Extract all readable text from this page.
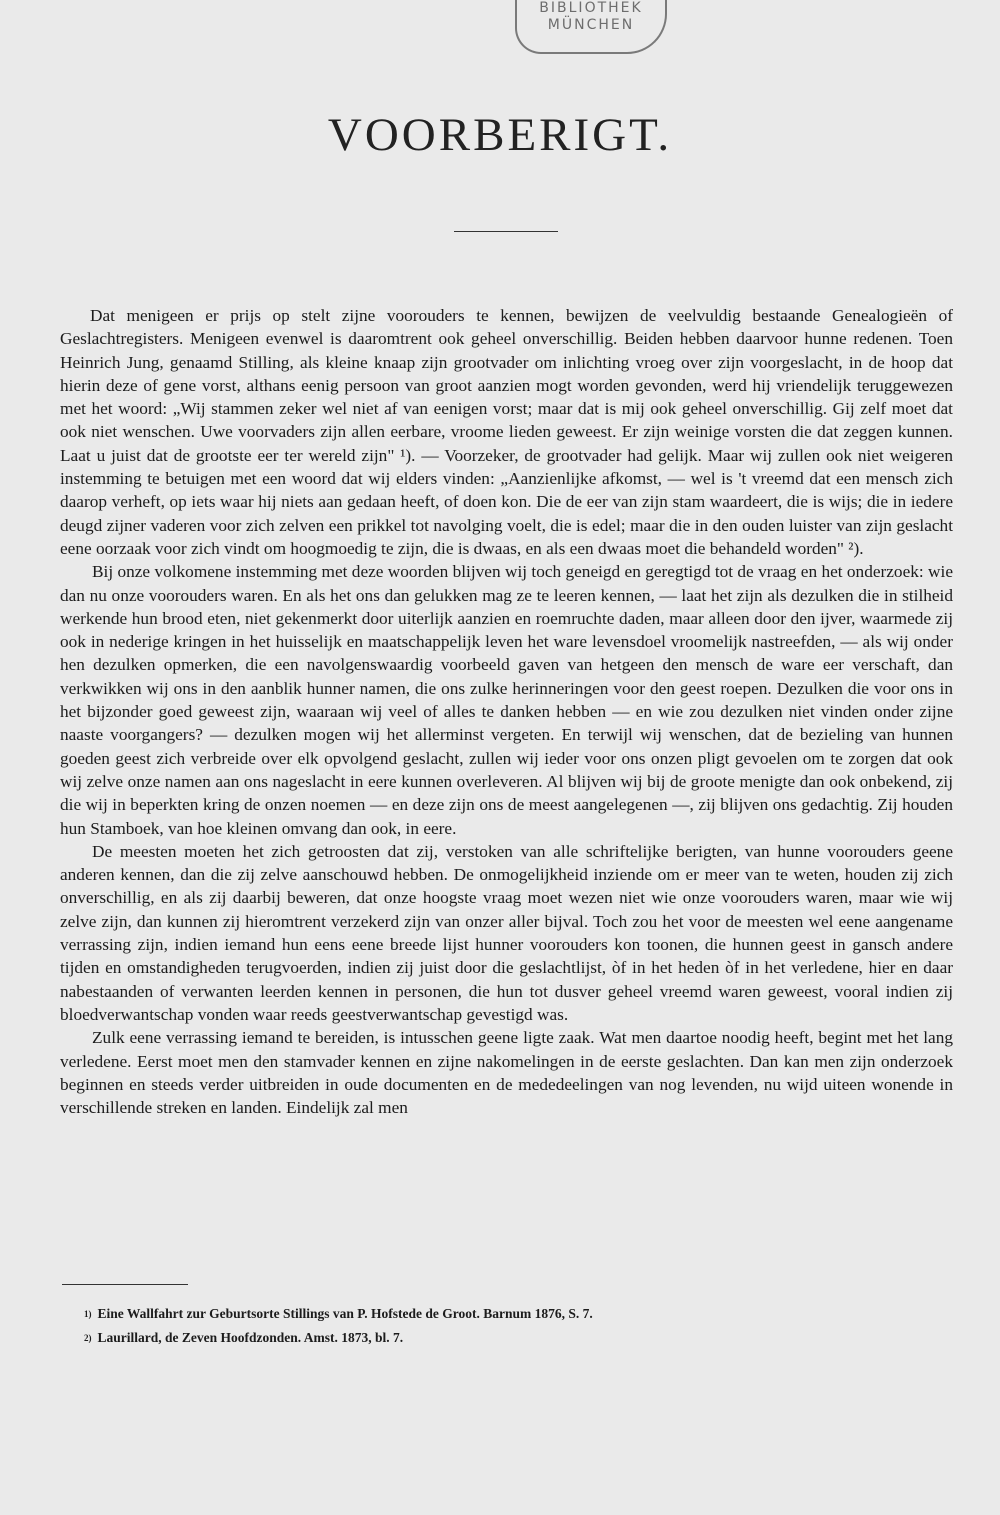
BIBLIOTHEK
MÜNCHEN
VOORBERIGT.

Dat menigeen er prijs op stelt zijne voorouders te kennen, bewijzen de veelvuldig bestaande Genealogieën of Geslachtregisters. Menigeen evenwel is daaromtrent ook geheel onverschillig. Beiden hebben daarvoor hunne redenen. Toen Heinrich Jung, genaamd Stilling, als kleine knaap zijn grootvader om inlichting vroeg over zijn voorgeslacht, in de hoop dat hierin deze of gene vorst, althans eenig persoon van groot aanzien mogt worden gevonden, werd hij vriendelijk teruggewezen met het woord: „Wij stammen zeker wel niet af van eenigen vorst; maar dat is mij ook geheel onverschillig. Gij zelf moet dat ook niet wenschen. Uwe voorvaders zijn allen eerbare, vroome lieden geweest. Er zijn weinige vorsten die dat zeggen kunnen. Laat u juist dat de grootste eer ter wereld zijn" ¹). — Voorzeker, de grootvader had gelijk. Maar wij zullen ook niet weigeren instemming te betuigen met een woord dat wij elders vinden: „Aanzienlijke afkomst, — wel is 't vreemd dat een mensch zich daarop verheft, op iets waar hij niets aan gedaan heeft, of doen kon. Die de eer van zijn stam waardeert, die is wijs; die in iedere deugd zijner vaderen voor zich zelven een prikkel tot navolging voelt, die is edel; maar die in den ouden luister van zijn geslacht eene oorzaak voor zich vindt om hoogmoedig te zijn, die is dwaas, en als een dwaas moet die behandeld worden" ²).

Bij onze volkomene instemming met deze woorden blijven wij toch geneigd en geregtigd tot de vraag en het onderzoek: wie dan nu onze voorouders waren. En als het ons dan gelukken mag ze te leeren kennen, — laat het zijn als dezulken die in stilheid werkende hun brood eten, niet gekenmerkt door uiterlijk aanzien en roemruchte daden, maar alleen door den ijver, waarmede zij ook in nederige kringen in het huisselijk en maatschappelijk leven het ware levensdoel vroomelijk nastreefden, — als wij onder hen dezulken opmerken, die een navolgenswaardig voorbeeld gaven van hetgeen den mensch de ware eer verschaft, dan verkwikken wij ons in den aanblik hunner namen, die ons zulke herinneringen voor den geest roepen. Dezulken die voor ons in het bijzonder goed geweest zijn, waaraan wij veel of alles te danken hebben — en wie zou dezulken niet vinden onder zijne naaste voorgangers? — dezulken mogen wij het allerminst vergeten. En terwijl wij wenschen, dat de bezieling van hunnen goeden geest zich verbreide over elk opvolgend geslacht, zullen wij ieder voor ons onzen pligt gevoelen om te zorgen dat ook wij zelve onze namen aan ons nageslacht in eere kunnen overleveren. Al blijven wij bij de groote menigte dan ook onbekend, zij die wij in beperkten kring de onzen noemen — en deze zijn ons de meest aangelegenen —, zij blijven ons gedachtig. Zij houden hun Stamboek, van hoe kleinen omvang dan ook, in eere.

De meesten moeten het zich getroosten dat zij, verstoken van alle schriftelijke berigten, van hunne voorouders geene anderen kennen, dan die zij zelve aanschouwd hebben. De onmogelijkheid inziende om er meer van te weten, houden zij zich onverschillig, en als zij daarbij beweren, dat onze hoogste vraag moet wezen niet wie onze voorouders waren, maar wie wij zelve zijn, dan kunnen zij hieromtrent verzekerd zijn van onzer aller bijval. Toch zou het voor de meesten wel eene aangename verrassing zijn, indien iemand hun eens eene breede lijst hunner voorouders kon toonen, die hunnen geest in gansch andere tijden en omstandigheden terugvoerden, indien zij juist door die geslachtlijst, òf in het heden òf in het verledene, hier en daar nabestaanden of verwanten leerden kennen in personen, die hun tot dusver geheel vreemd waren geweest, vooral indien zij bloedverwantschap vonden waar reeds geestverwantschap gevestigd was.

Zulk eene verrassing iemand te bereiden, is intusschen geene ligte zaak. Wat men daartoe noodig heeft, begint met het lang verledene. Eerst moet men den stamvader kennen en zijne nakomelingen in de eerste geslachten. Dan kan men zijn onderzoek beginnen en steeds verder uitbreiden in oude documenten en de mededeelingen van nog levenden, nu wijd uiteen wonende in verschillende streken en landen. Eindelijk zal men

1) Eine Wallfahrt zur Geburtsorte Stillings van P. Hofstede de Groot. Barnum 1876, S. 7.
2) Laurillard, de Zeven Hoofdzonden. Amst. 1873, bl. 7.
